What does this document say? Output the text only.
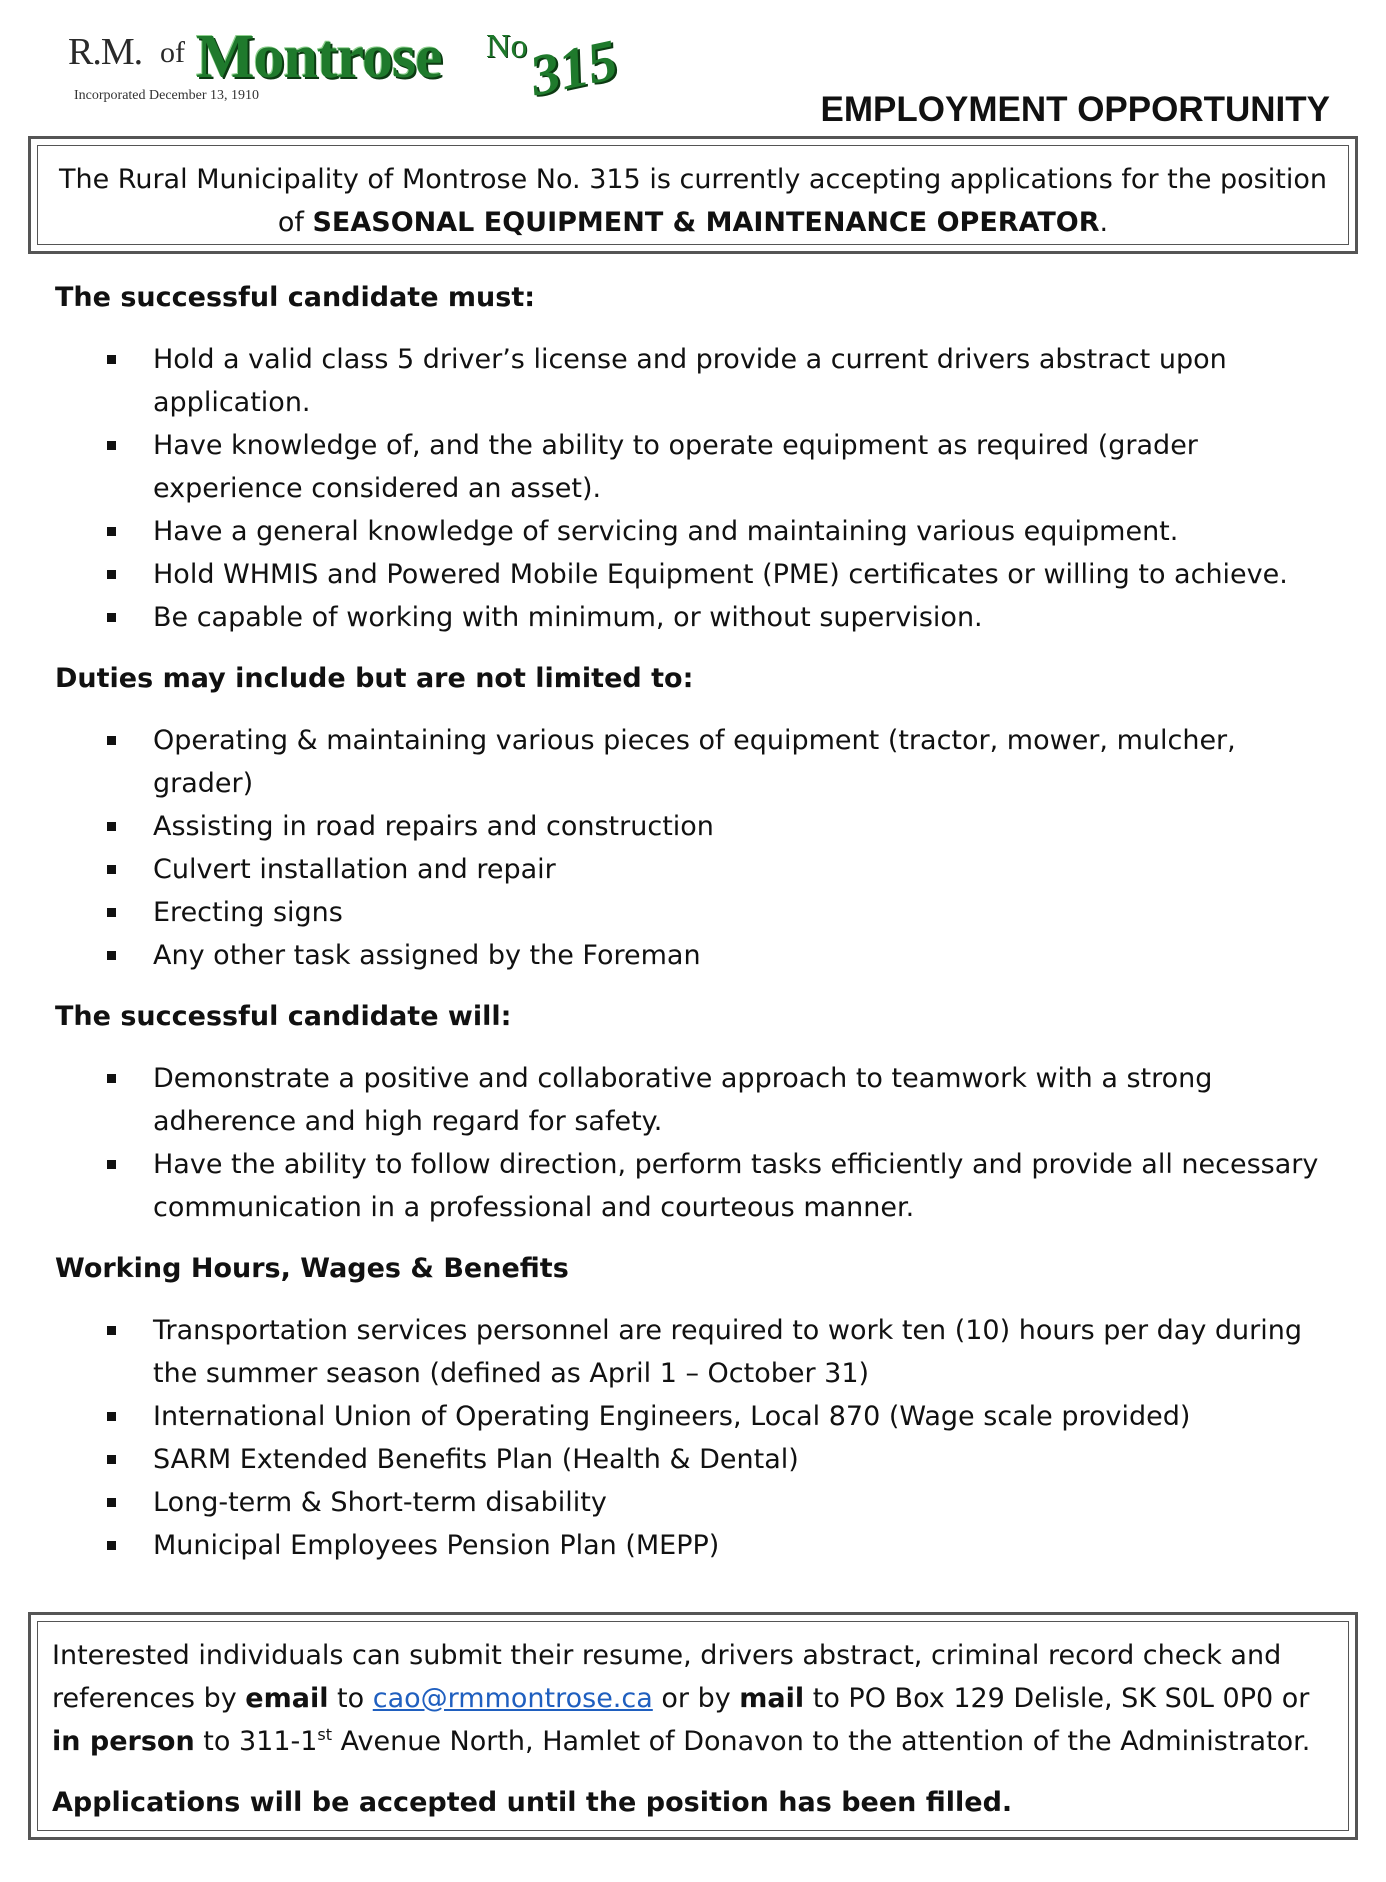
R.M. of Montrose No
315
Incorporated December 13, 1910	EMPLOYMENT OPPORTUNITY
The Rural Municipality of Montrose No. 315 is currently accepting applications for the position of SEASONAL EQUIPMENT & MAINTENANCE OPERATOR.
The successful candidate must:
Hold a valid class 5 driver’s license and provide a current drivers abstract upon application.
Have knowledge of, and the ability to operate equipment as required (grader experience considered an asset).
Have a general knowledge of servicing and maintaining various equipment.
Hold WHMIS and Powered Mobile Equipment (PME) certificates or willing to achieve.
Be capable of working with minimum, or without supervision.
Duties may include but are not limited to:
Operating & maintaining various pieces of equipment (tractor, mower, mulcher, grader)
Assisting in road repairs and construction
Culvert installation and repair
Erecting signs
Any other task assigned by the Foreman
The successful candidate will:
Demonstrate a positive and collaborative approach to teamwork with a strong adherence and high regard for safety.
Have the ability to follow direction, perform tasks efficiently and provide all necessary communication in a professional and courteous manner.
Working Hours, Wages & Benefits
Transportation services personnel are required to work ten (10) hours per day during the summer season (defined as April 1 – October 31)
International Union of Operating Engineers, Local 870 (Wage scale provided)
SARM Extended Benefits Plan (Health & Dental)
Long-term & Short-term disability
Municipal Employees Pension Plan (MEPP)
Interested individuals can submit their resume, drivers abstract, criminal record check and references by email to cao@rmmontrose.ca or by mail to PO Box 129 Delisle, SK S0L 0P0 or in person to 311-1st Avenue North, Hamlet of Donavon to the attention of the Administrator.
Applications will be accepted until the position has been filled.
